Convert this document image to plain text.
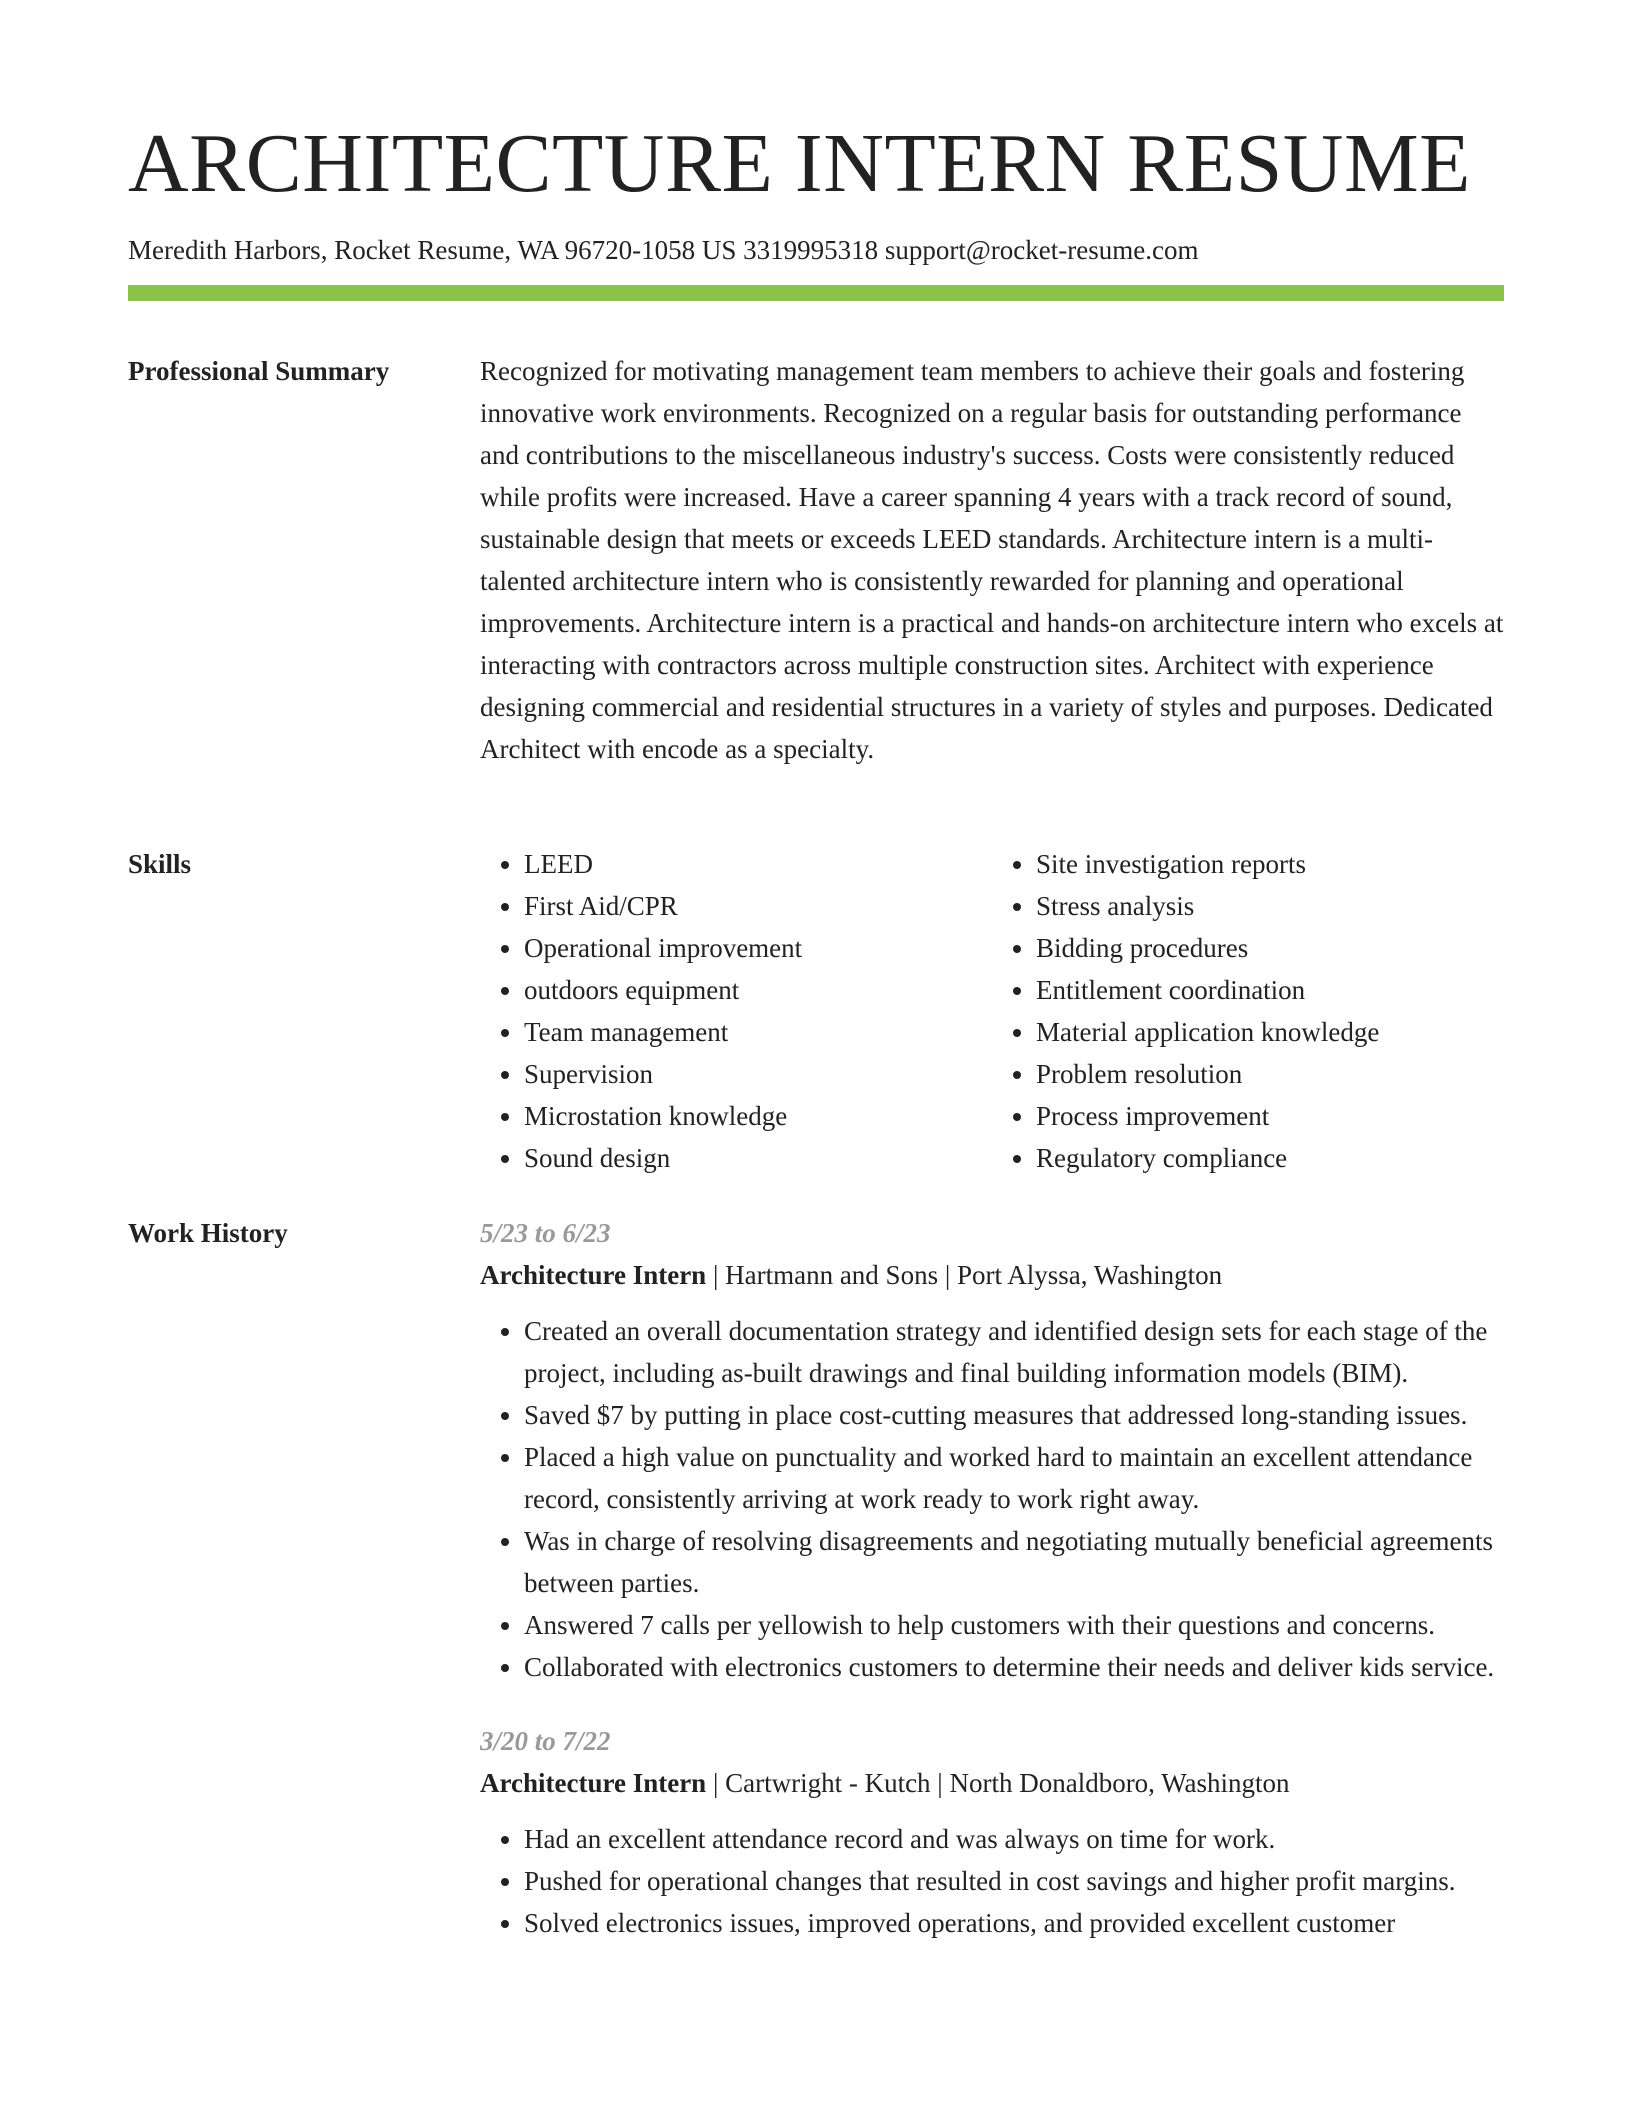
ARCHITECTURE INTERN RESUME
Meredith Harbors, Rocket Resume, WA 96720-1058 US 3319995318 support@rocket-resume.com
Professional Summary	Recognized for motivating management team members to achieve their goals and fostering innovative work environments. Recognized on a regular basis for outstanding performance and contributions to the miscellaneous industry's success. Costs were consistently reduced while profits were increased. Have a career spanning 4 years with a track record of sound, sustainable design that meets or exceeds LEED standards. Architecture intern is a multi-talented architecture intern who is consistently rewarded for planning and operational improvements. Architecture intern is a practical and hands-on architecture intern who excels at interacting with contractors across multiple construction sites. Architect with experience designing commercial and residential structures in a variety of styles and purposes. Dedicated Architect with encode as a specialty.

Skills
•	LEED
• First Aid/CPR
• Operational improvement
• outdoors equipment
• Team management
• Supervision
• Microstation knowledge
• Sound design
• Site investigation reports
• Stress analysis
• Bidding procedures
• Entitlement coordination
• Material application knowledge
• Problem resolution
• Process improvement
• Regulatory compliance
Work History	5/23 to 6/23
Architecture Intern | Hartmann and Sons | Port Alyssa, Washington
• Created an overall documentation strategy and identified design sets for each stage of the project, including as-built drawings and final building information models (BIM).
• Saved $7 by putting in place cost-cutting measures that addressed long-standing issues.
• Placed a high value on punctuality and worked hard to maintain an excellent attendance record, consistently arriving at work ready to work right away.
• Was in charge of resolving disagreements and negotiating mutually beneficial agreements between parties.
• Answered 7 calls per yellowish to help customers with their questions and concerns.
• Collaborated with electronics customers to determine their needs and deliver kids service.
3/20 to 7/22
Architecture Intern | Cartwright - Kutch | North Donaldboro, Washington
• Had an excellent attendance record and was always on time for work.
• Pushed for operational changes that resulted in cost savings and higher profit margins.
• Solved electronics issues, improved operations, and provided excellent customer
